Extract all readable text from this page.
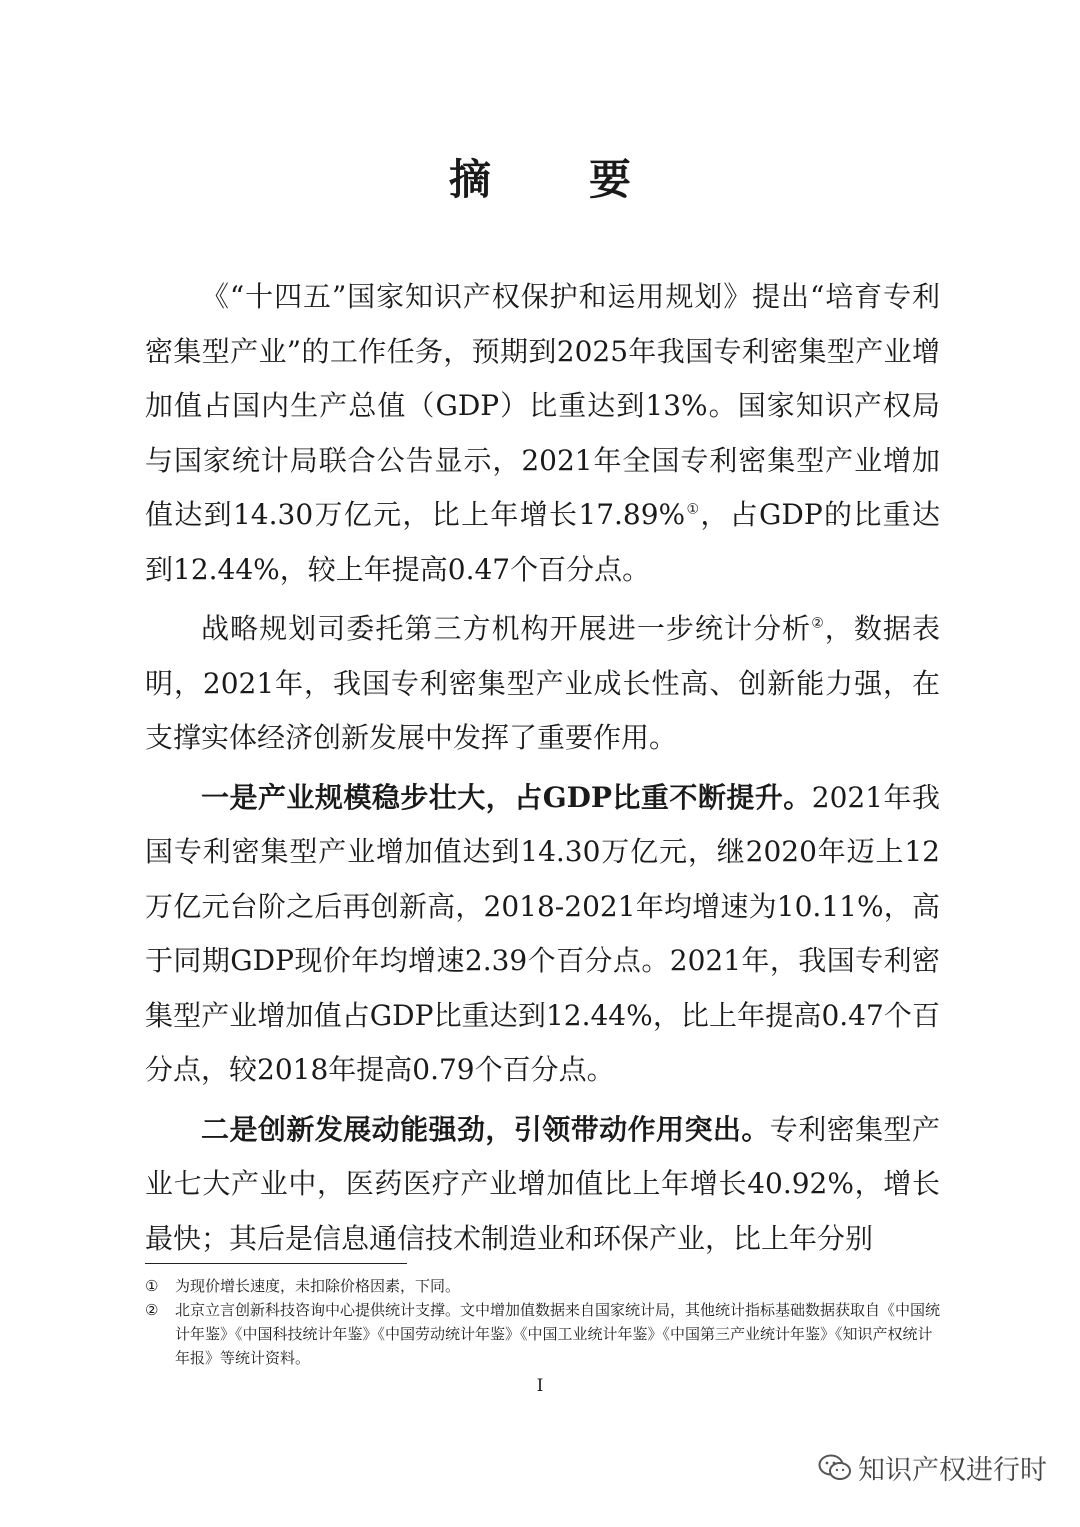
摘　要

《“十四五”国家知识产权保护和运用规划》提出“培育专利密集型产业”的工作任务，预期到2025年我国专利密集型产业增加值占国内生产总值（GDP）比重达到13%。国家知识产权局与国家统计局联合公告显示，2021年全国专利密集型产业增加值达到14.30万亿元，比上年增长17.89%①，占GDP的比重达到12.44%，较上年提高0.47个百分点。

战略规划司委托第三方机构开展进一步统计分析②，数据表明，2021年，我国专利密集型产业成长性高、创新能力强，在支撑实体经济创新发展中发挥了重要作用。

一是产业规模稳步壮大，占GDP比重不断提升。2021年我国专利密集型产业增加值达到14.30万亿元，继2020年迈上12万亿元台阶之后再创新高，2018-2021年均增速为10.11%，高于同期GDP现价年均增速2.39个百分点。2021年，我国专利密集型产业增加值占GDP比重达到12.44%，比上年提高0.47个百分点，较2018年提高0.79个百分点。

二是创新发展动能强劲，引领带动作用突出。专利密集型产业七大产业中，医药医疗产业增加值比上年增长40.92%，增长最快；其后是信息通信技术制造业和环保产业，比上年分别

① 为现价增长速度，未扣除价格因素，下同。
② 北京立言创新科技咨询中心提供统计支撑。文中增加值数据来自国家统计局，其他统计指标基础数据获取自《中国统计年鉴》《中国科技统计年鉴》《中国劳动统计年鉴》《中国工业统计年鉴》《中国第三产业统计年鉴》《知识产权统计年报》等统计资料。
I
知识产权进行时
